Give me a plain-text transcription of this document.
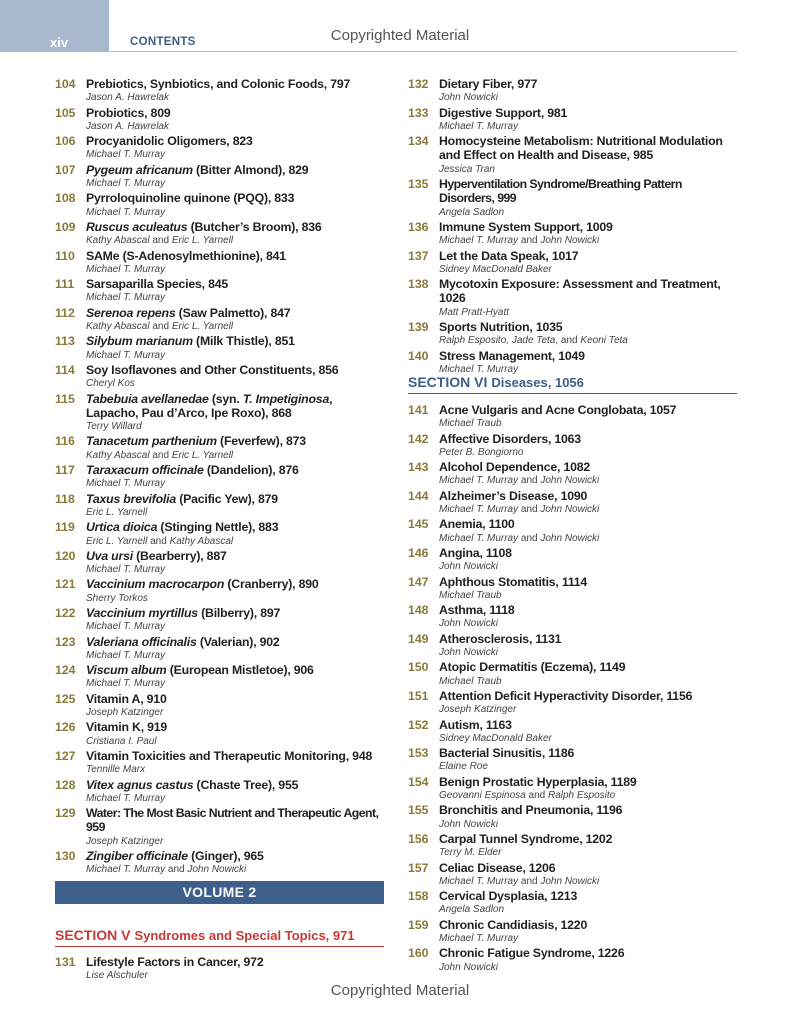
xiv	CONTENTS	Copyrighted Material
104 Prebiotics, Synbiotics, and Colonic Foods, 797
Jason A. Hawrelak
105 Probiotics, 809
Jason A. Hawrelak
106 Procyanidolic Oligomers, 823
Michael T. Murray
107 Pygeum africanum (Bitter Almond), 829
Michael T. Murray
108 Pyrroloquinoline quinone (PQQ), 833
Michael T. Murray
109 Ruscus aculeatus (Butcher’s Broom), 836
Kathy Abascal and Eric L. Yarnell
110 SAMe (S-Adenosylmethionine), 841
Michael T. Murray
111 Sarsaparilla Species, 845
Michael T. Murray
112 Serenoa repens (Saw Palmetto), 847
Kathy Abascal and Eric L. Yarnell
113 Silybum marianum (Milk Thistle), 851
Michael T. Murray
114 Soy Isoflavones and Other Constituents, 856
Cheryl Kos
115 Tabebuia avellanedae (syn. T. Impetiginosa, Lapacho, Pau d’Arco, Ipe Roxo), 868
Terry Willard
116 Tanacetum parthenium (Feverfew), 873
Kathy Abascal and Eric L. Yarnell
117 Taraxacum officinale (Dandelion), 876
Michael T. Murray
118 Taxus brevifolia (Pacific Yew), 879
Eric L. Yarnell
119 Urtica dioica (Stinging Nettle), 883
Eric L. Yarnell and Kathy Abascal
120 Uva ursi (Bearberry), 887
Michael T. Murray
121 Vaccinium macrocarpon (Cranberry), 890
Sherry Torkos
122 Vaccinium myrtillus (Bilberry), 897
Michael T. Murray
123 Valeriana officinalis (Valerian), 902
Michael T. Murray
124 Viscum album (European Mistletoe), 906
Michael T. Murray
125 Vitamin A, 910
Joseph Katzinger
126 Vitamin K, 919
Cristiana I. Paul
127 Vitamin Toxicities and Therapeutic Monitoring, 948
Tennille Marx
128 Vitex agnus castus (Chaste Tree), 955
Michael T. Murray
129 Water: The Most Basic Nutrient and Therapeutic Agent, 959
Joseph Katzinger
130 Zingiber officinale (Ginger), 965
Michael T. Murray and John Nowicki
VOLUME 2
SECTION V Syndromes and Special Topics, 971
131 Lifestyle Factors in Cancer, 972
Lise Alschuler
132 Dietary Fiber, 977
John Nowicki
133 Digestive Support, 981
Michael T. Murray
134 Homocysteine Metabolism: Nutritional Modulation and Effect on Health and Disease, 985
Jessica Tran
135 Hyperventilation Syndrome/Breathing Pattern Disorders, 999
Angela Sadlon
136 Immune System Support, 1009
Michael T. Murray and John Nowicki
137 Let the Data Speak, 1017
Sidney MacDonald Baker
138 Mycotoxin Exposure: Assessment and Treatment, 1026
Matt Pratt-Hyatt
139 Sports Nutrition, 1035
Ralph Esposito, Jade Teta, and Keoni Teta
140 Stress Management, 1049
Michael T. Murray
SECTION VI Diseases, 1056
141 Acne Vulgaris and Acne Conglobata, 1057
Michael Traub
142 Affective Disorders, 1063
Peter B. Bongiorno
143 Alcohol Dependence, 1082
Michael T. Murray and John Nowicki
144 Alzheimer’s Disease, 1090
Michael T. Murray and John Nowicki
145 Anemia, 1100
Michael T. Murray and John Nowicki
146 Angina, 1108
John Nowicki
147 Aphthous Stomatitis, 1114
Michael Traub
148 Asthma, 1118
John Nowicki
149 Atherosclerosis, 1131
John Nowicki
150 Atopic Dermatitis (Eczema), 1149
Michael Traub
151 Attention Deficit Hyperactivity Disorder, 1156
Joseph Katzinger
152 Autism, 1163
Sidney MacDonald Baker
153 Bacterial Sinusitis, 1186
Elaine Roe
154 Benign Prostatic Hyperplasia, 1189
Geovanni Espinosa and Ralph Esposito
155 Bronchitis and Pneumonia, 1196
John Nowicki
156 Carpal Tunnel Syndrome, 1202
Terry M. Elder
157 Celiac Disease, 1206
Michael T. Murray and John Nowicki
158 Cervical Dysplasia, 1213
Angela Sadlon
159 Chronic Candidiasis, 1220
Michael T. Murray
160 Chronic Fatigue Syndrome, 1226
John Nowicki
Copyrighted Material
